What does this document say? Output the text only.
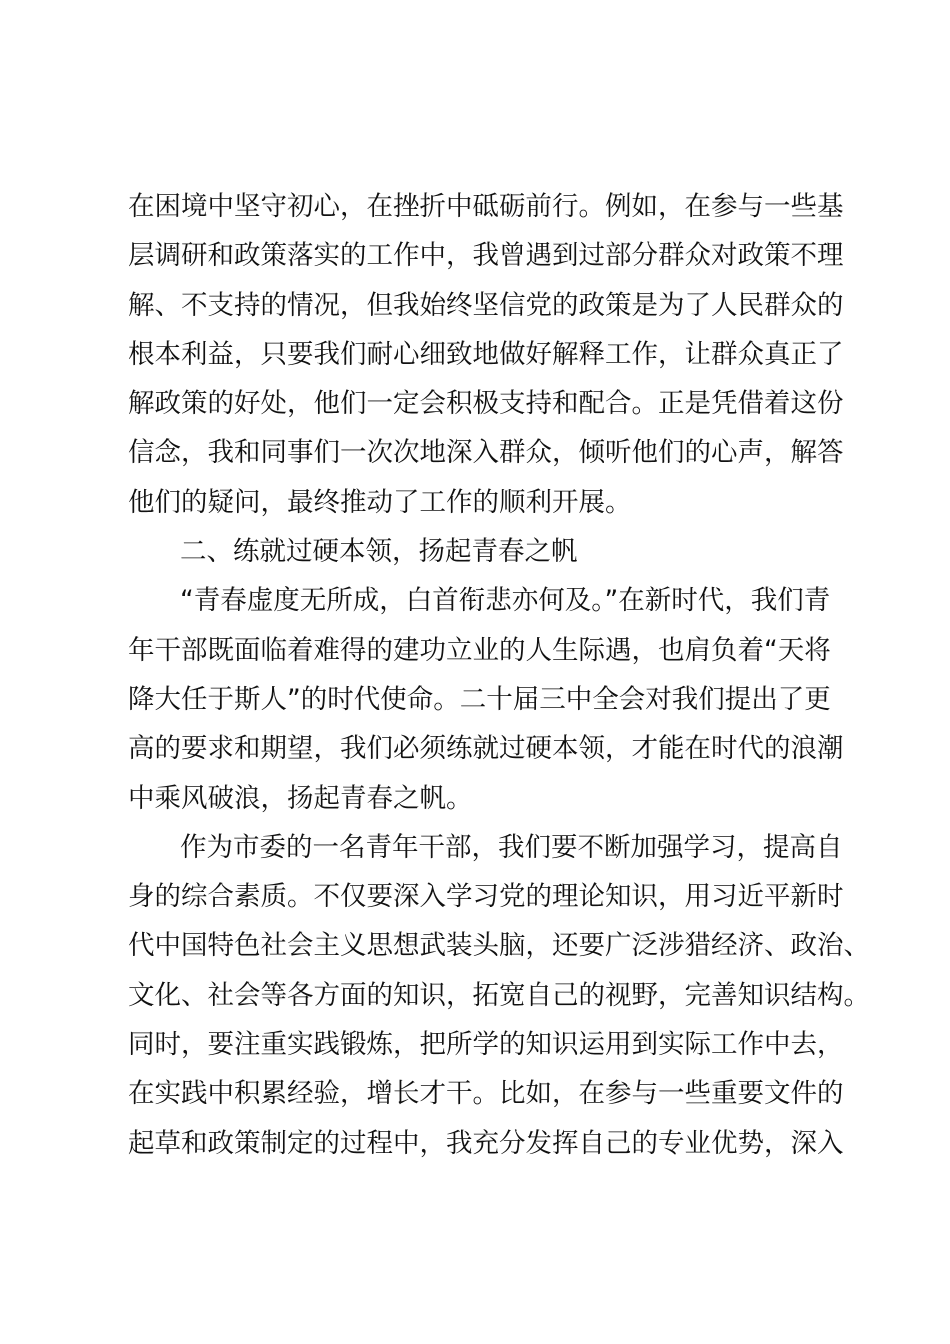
在困境中坚守初心，在挫折中砥砺前行。例如，在参与一些基
层调研和政策落实的工作中，我曾遇到过部分群众对政策不理
解、不支持的情况，但我始终坚信党的政策是为了人民群众的
根本利益，只要我们耐心细致地做好解释工作，让群众真正了
解政策的好处，他们一定会积极支持和配合。正是凭借着这份
信念，我和同事们一次次地深入群众，倾听他们的心声，解答
他们的疑问，最终推动了工作的顺利开展。
二、练就过硬本领，扬起青春之帆
“青春虚度无所成，白首衔悲亦何及。”在新时代，我们青
年干部既面临着难得的建功立业的人生际遇，也肩负着“天将
降大任于斯人”的时代使命。二十届三中全会对我们提出了更
高的要求和期望，我们必须练就过硬本领，才能在时代的浪潮
中乘风破浪，扬起青春之帆。
作为市委的一名青年干部，我们要不断加强学习，提高自
身的综合素质。不仅要深入学习党的理论知识，用习近平新时
代中国特色社会主义思想武装头脑，还要广泛涉猎经济、政治、
文化、社会等各方面的知识，拓宽自己的视野，完善知识结构。
同时，要注重实践锻炼，把所学的知识运用到实际工作中去，
在实践中积累经验，增长才干。比如，在参与一些重要文件的
起草和政策制定的过程中，我充分发挥自己的专业优势，深入
